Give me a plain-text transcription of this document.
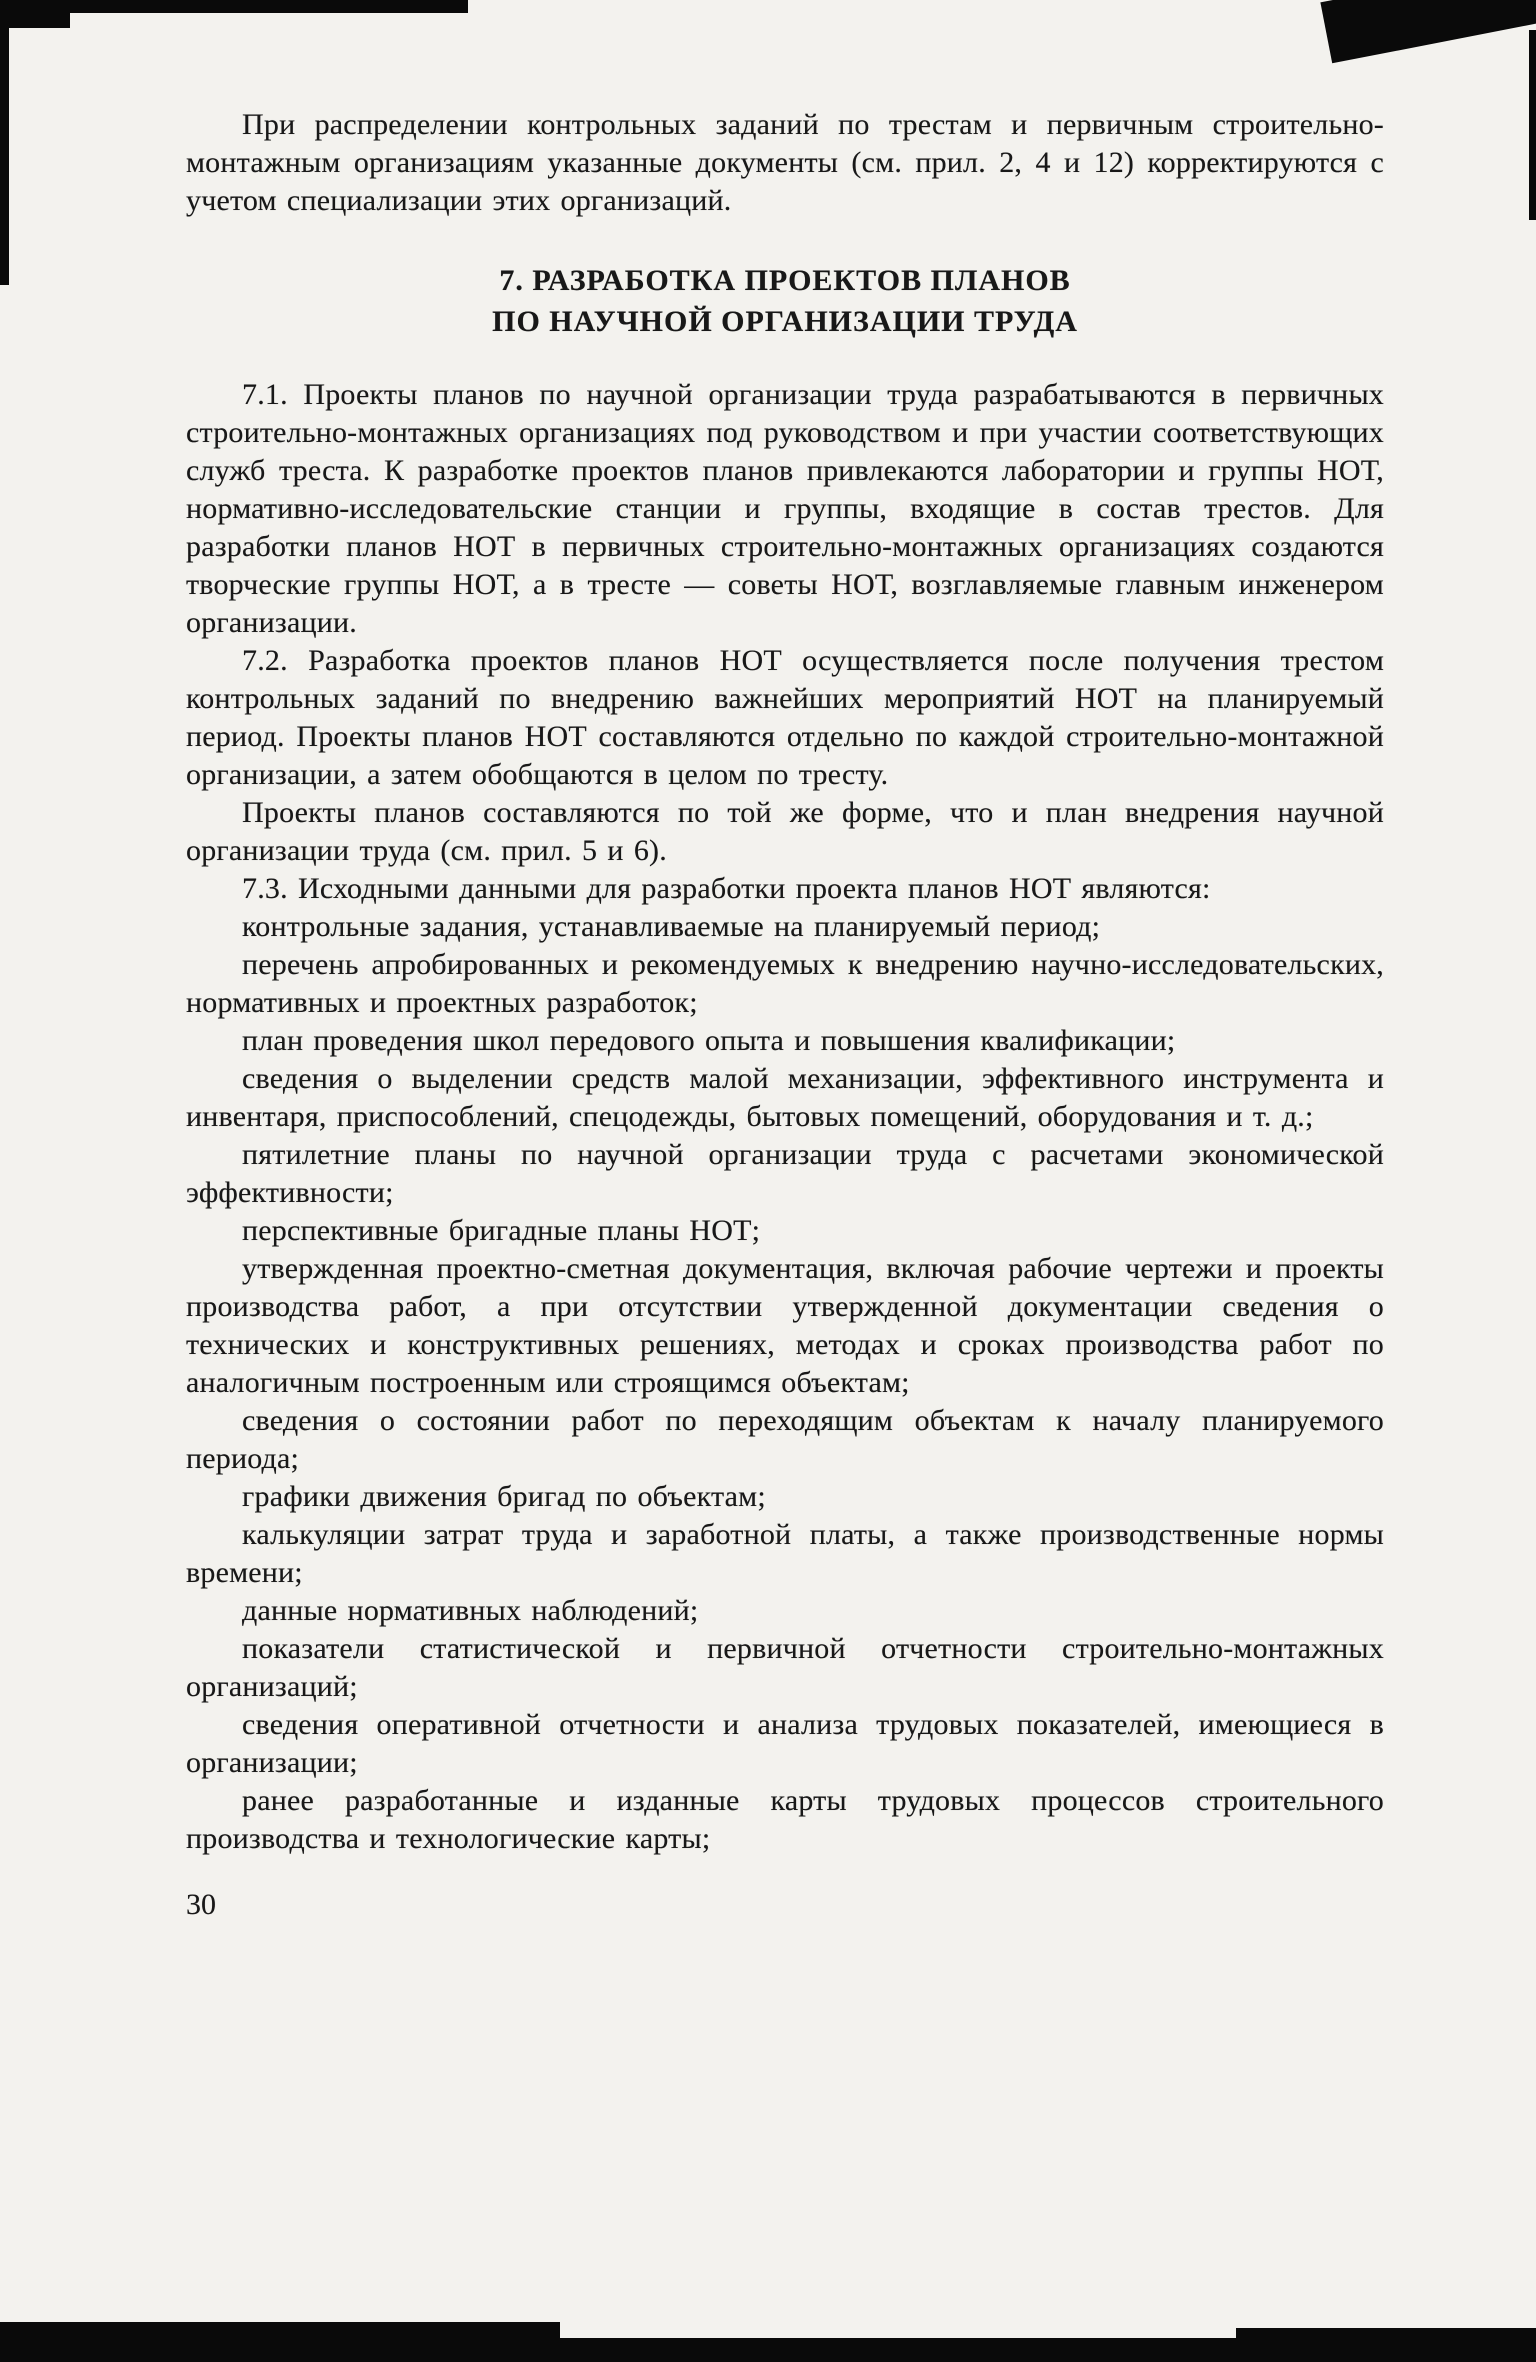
При распределении контрольных заданий по трестам и первичным строительно-монтажным организациям указанные документы (см. прил. 2, 4 и 12) корректируются с учетом специализации этих организаций.

7. РАЗРАБОТКА ПРОЕКТОВ ПЛАНОВ
ПО НАУЧНОЙ ОРГАНИЗАЦИИ ТРУДА

7.1. Проекты планов по научной организации труда разрабатываются в первичных строительно-монтажных организациях под руководством и при участии соответствующих служб треста. К разработке проектов планов привлекаются лаборатории и группы НОТ, нормативно-исследовательские станции и группы, входящие в состав трестов. Для разработки планов НОТ в первичных строительно-монтажных организациях создаются творческие группы НОТ, а в тресте — советы НОТ, возглавляемые главным инженером организации.

7.2. Разработка проектов планов НОТ осуществляется после получения трестом контрольных заданий по внедрению важнейших мероприятий НОТ на планируемый период. Проекты планов НОТ составляются отдельно по каждой строительно-монтажной организации, а затем обобщаются в целом по тресту.

Проекты планов составляются по той же форме, что и план внедрения научной организации труда (см. прил. 5 и 6).

7.3. Исходными данными для разработки проекта планов НОТ являются:

контрольные задания, устанавливаемые на планируемый период;

перечень апробированных и рекомендуемых к внедрению научно-исследовательских, нормативных и проектных разработок;

план проведения школ передового опыта и повышения квалификации;

сведения о выделении средств малой механизации, эффективного инструмента и инвентаря, приспособлений, спецодежды, бытовых помещений, оборудования и т. д.;

пятилетние планы по научной организации труда с расчетами экономической эффективности;

перспективные бригадные планы НОТ;

утвержденная проектно-сметная документация, включая рабочие чертежи и проекты производства работ, а при отсутствии утвержденной документации сведения о технических и конструктивных решениях, методах и сроках производства работ по аналогичным построенным или строящимся объектам;

сведения о состоянии работ по переходящим объектам к началу планируемого периода;

графики движения бригад по объектам;

калькуляции затрат труда и заработной платы, а также производственные нормы времени;

данные нормативных наблюдений;

показатели статистической и первичной отчетности строительно-монтажных организаций;

сведения оперативной отчетности и анализа трудовых показателей, имеющиеся в организации;

ранее разработанные и изданные карты трудовых процессов строительного производства и технологические карты;

30
